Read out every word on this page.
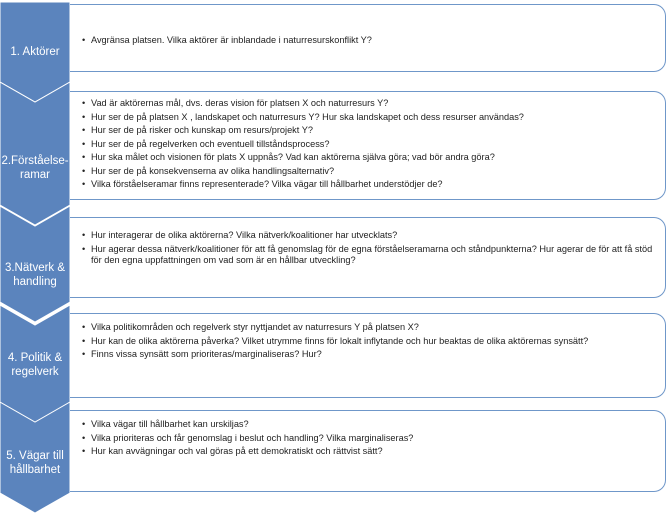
1. Aktörer
• Avgränsa platsen. Vilka aktörer är inblandade i naturresurskonflikt Y?
2.Förståelse-
ramar
• Vad är aktörernas mål, dvs. deras vision för platsen X och naturresurs Y?
• Hur ser de på platsen X , landskapet och naturresurs Y? Hur ska landskapet och dess resurser användas?
• Hur ser de på risker och kunskap om resurs/projekt Y?
• Hur ser de på regelverken och eventuell tillståndsprocess?
• Hur ska målet och visionen för plats X uppnås? Vad kan aktörerna själva göra; vad bör andra göra?
• Hur ser de på konsekvenserna av olika handlingsalternativ?
• Vilka förståelseramar finns representerade? Vilka vägar till hållbarhet understödjer de?
3.Nätverk &
handling
• Hur interagerar de olika aktörerna? Vilka nätverk/koalitioner har utvecklats?
• Hur agerar dessa nätverk/koalitioner för att få genomslag för de egna förståelseramarna och ståndpunkterna? Hur agerar de för att få stöd för den egna uppfattningen om vad som är en hållbar utveckling?
4. Politik &
regelverk
• Vilka politikområden och regelverk styr nyttjandet av naturresurs Y på platsen X?
• Hur kan de olika aktörerna påverka? Vilket utrymme finns för lokalt inflytande och hur beaktas de olika aktörernas synsätt?
• Finns vissa synsätt som prioriteras/marginaliseras? Hur?
5. Vägar till
hållbarhet
• Vilka vägar till hållbarhet kan urskiljas?
• Vilka prioriteras och får genomslag i beslut och handling? Vilka marginaliseras?
• Hur kan avvägningar och val göras på ett demokratiskt och rättvist sätt?
